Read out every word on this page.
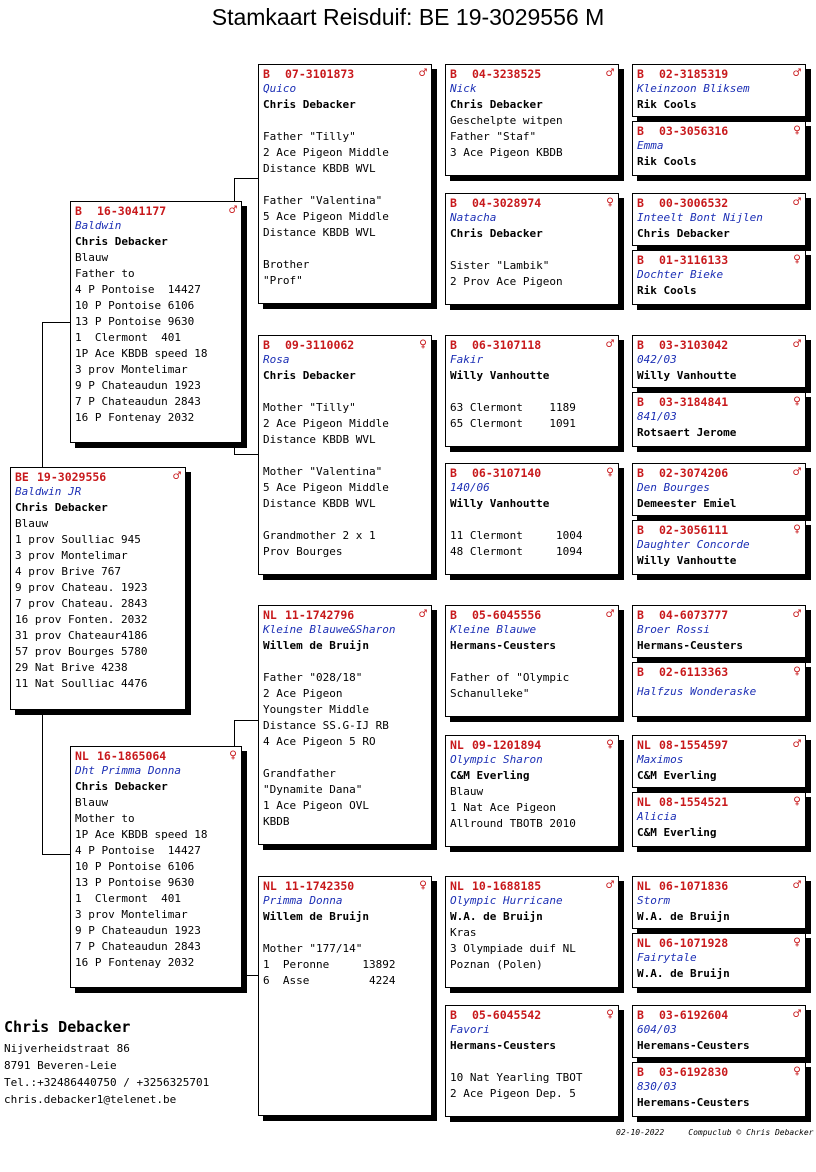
Stamkaart Reisduif: BE 19-3029556 M
BE 19-3029556	♂
Baldwin JR
Chris Debacker
Blauw
1 prov Soulliac 945
3 prov Montelimar
4 prov Brive 767
9 prov Chateau. 1923
7 prov Chateau. 2843
16 prov Fonten. 2032
31 prov Chateaur4186
57 prov Bourges 5780
29 Nat Brive 4238
11 Nat Soulliac 4476
B	16-3041177	♂
Baldwin
Chris Debacker
Blauw
Father to
4 P Pontoise  14427
10 P Pontoise 6106
13 P Pontoise 9630
1  Clermont  401
1P Ace KBDB speed 18
3 prov Montelimar
9 P Chateaudun 1923
7 P Chateaudun 2843
16 P Fontenay 2032
NL 16-1865064	♀
Dht Primma Donna
Chris Debacker
Blauw
Mother to
1P Ace KBDB speed 18
4 P Pontoise  14427
10 P Pontoise 6106
13 P Pontoise 9630
1  Clermont  401
3 prov Montelimar
9 P Chateaudun 1923
7 P Chateaudun 2843
16 P Fontenay 2032
B	07-3101873	♂
Quico
Chris Debacker
Father "Tilly"
2 Ace Pigeon Middle
Distance KBDB WVL
Father "Valentina"
5 Ace Pigeon Middle
Distance KBDB WVL
Brother
"Prof"
B	09-3110062	♀
Rosa
Chris Debacker
Mother "Tilly"
2 Ace Pigeon Middle
Distance KBDB WVL
Mother "Valentina"
5 Ace Pigeon Middle
Distance KBDB WVL
Grandmother 2 x 1
Prov Bourges
NL 11-1742796	♂
Kleine Blauwe&Sharon
Willem de Bruijn
Father "028/18"
2 Ace Pigeon
Youngster Middle
Distance SS.G-IJ RB
4 Ace Pigeon 5 RO
Grandfather
"Dynamite Dana"
1 Ace Pigeon OVL
KBDB
NL 11-1742350	♀
Primma Donna
Willem de Bruijn
Mother "177/14"
1  Peronne     13892
6  Asse         4224
B	04-3238525	♂
Nick
Chris Debacker
Geschelpte witpen
Father "Staf"
3 Ace Pigeon KBDB
B	04-3028974	♀
Natacha
Chris Debacker
Sister "Lambik"
2 Prov Ace Pigeon
B	06-3107118	♂
Fakir
Willy Vanhoutte
63 Clermont    1189
65 Clermont    1091
B	06-3107140	♀
140/06
Willy Vanhoutte
11 Clermont     1004
48 Clermont     1094
B	05-6045556	♂
Kleine Blauwe
Hermans-Ceusters
Father of "Olympic
Schanulleke"
NL 09-1201894	♀
Olympic Sharon
C&M Everling
Blauw
1 Nat Ace Pigeon
Allround TBOTB 2010
NL 10-1688185	♂
Olympic Hurricane
W.A. de Bruijn
Kras
3 Olympiade duif NL
Poznan (Polen)
B	05-6045542	♀
Favori
Hermans-Ceusters
10 Nat Yearling TBOT
2 Ace Pigeon Dep. 5
B	02-3185319	♂
Kleinzoon Bliksem
Rik Cools
B	03-3056316	♀
Emma
Rik Cools
B	00-3006532	♂
Inteelt Bont Nijlen
Chris Debacker
B	01-3116133	♀
Dochter Bieke
Rik Cools
B	03-3103042	♂
042/03
Willy Vanhoutte
B	03-3184841	♀
841/03
Rotsaert Jerome
B	02-3074206	♂
Den Bourges
Demeester Emiel
B	02-3056111	♀
Daughter Concorde
Willy Vanhoutte
B	04-6073777	♂
Broer Rossi
Hermans-Ceusters
B	02-6113363	♀
Halfzus Wonderaske
NL 08-1554597	♂
Maximos
C&M Everling
NL 08-1554521	♀
Alicia
C&M Everling
NL 06-1071836	♂
Storm
W.A. de Bruijn
NL 06-1071928	♀
Fairytale
W.A. de Bruijn
B	03-6192604	♂
604/03
Heremans-Ceusters
B	03-6192830	♀
830/03
Heremans-Ceusters
Chris Debacker
Nijverheidstraat 86
8791 Beveren-Leie
Tel.:+32486440750 / +3256325701
chris.debacker1@telenet.be
02-10-2022	Compuclub © Chris Debacker
